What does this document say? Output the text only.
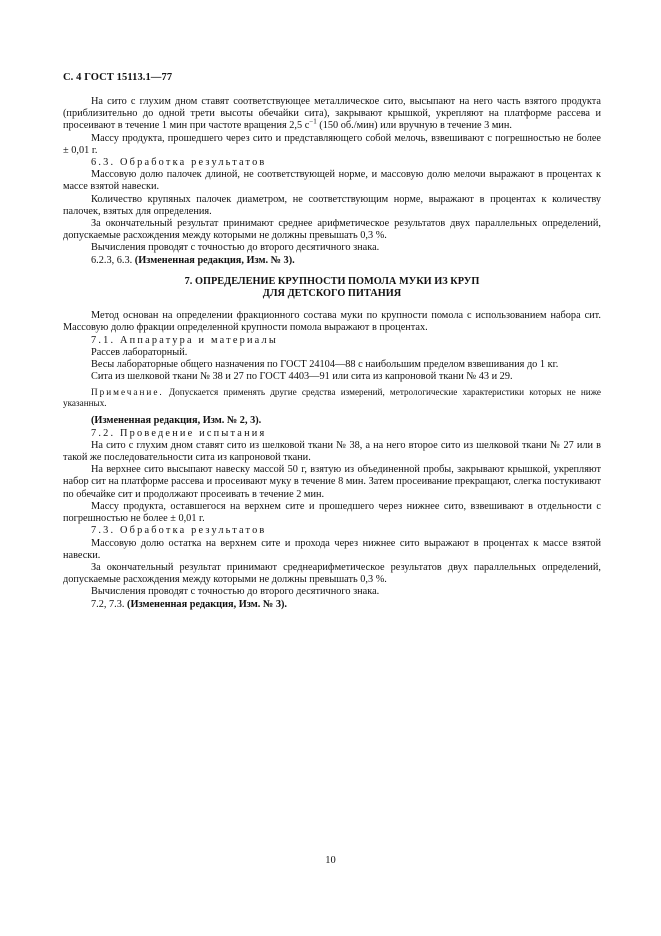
С. 4 ГОСТ 15113.1—77

На сито с глухим дном ставят соответствующее металлическое сито, высыпают на него часть взятого продукта (приблизительно до одной трети высоты обечайки сита), закрывают крышкой, укрепляют на платформе рассева и просеивают в течение 1 мин при частоте вращения 2,5 $с^{-1}$ (150 об./мин) или вручную в течение 3 мин.

Массу продукта, прошедшего через сито и представляющего собой мелочь, взвешивают с погрешностью не более ± 0,01 г.

6.3. Обработка результатов

Массовую долю палочек длиной, не соответствующей норме, и массовую долю мелочи выражают в процентах к массе взятой навески.

Количество крупяных палочек диаметром, не соответствующим норме, выражают в процентах к количеству палочек, взятых для определения.

За окончательный результат принимают среднее арифметическое результатов двух параллельных определений, допускаемые расхождения между которыми не должны превышать 0,3 %.

Вычисления проводят с точностью до второго десятичного знака.

6.2.3, 6.3. (Измененная редакция, Изм. № 3).

7. ОПРЕДЕЛЕНИЕ КРУПНОСТИ ПОМОЛА МУКИ ИЗ КРУП
ДЛЯ ДЕТСКОГО ПИТАНИЯ

Метод основан на определении фракционного состава муки по крупности помола с использованием набора сит. Массовую долю фракции определенной крупности помола выражают в процентах.

7.1. Аппаратура и материалы

Рассев лабораторный.

Весы лабораторные общего назначения по ГОСТ 24104—88 с наибольшим пределом взвешивания до 1 кг.

Сита из шелковой ткани № 38 и 27 по ГОСТ 4403—91 или сита из капроновой ткани № 43 и 29.

Примечание. Допускается применять другие средства измерений, метрологические характеристики которых не ниже указанных.

(Измененная редакция, Изм. № 2, 3).

7.2. Проведение испытания

На сито с глухим дном ставят сито из шелковой ткани № 38, а на него второе сито из шелковой ткани № 27 или в такой же последовательности сита из капроновой ткани.

На верхнее сито высыпают навеску массой 50 г, взятую из объединенной пробы, закрывают крышкой, укрепляют набор сит на платформе рассева и просеивают муку в течение 8 мин. Затем просеивание прекращают, слегка постукивают по обечайке сит и продолжают просеивать в течение 2 мин.

Массу продукта, оставшегося на верхнем сите и прошедшего через нижнее сито, взвешивают в отдельности с погрешностью не более ± 0,01 г.

7.3. Обработка результатов

Массовую долю остатка на верхнем сите и прохода через нижнее сито выражают в процентах к массе взятой навески.

За окончательный результат принимают среднеарифметическое результатов двух параллельных определений, допускаемые расхождения между которыми не должны превышать 0,3 %.

Вычисления проводят с точностью до второго десятичного знака.

7.2, 7.3. (Измененная редакция, Изм. № 3).

10
